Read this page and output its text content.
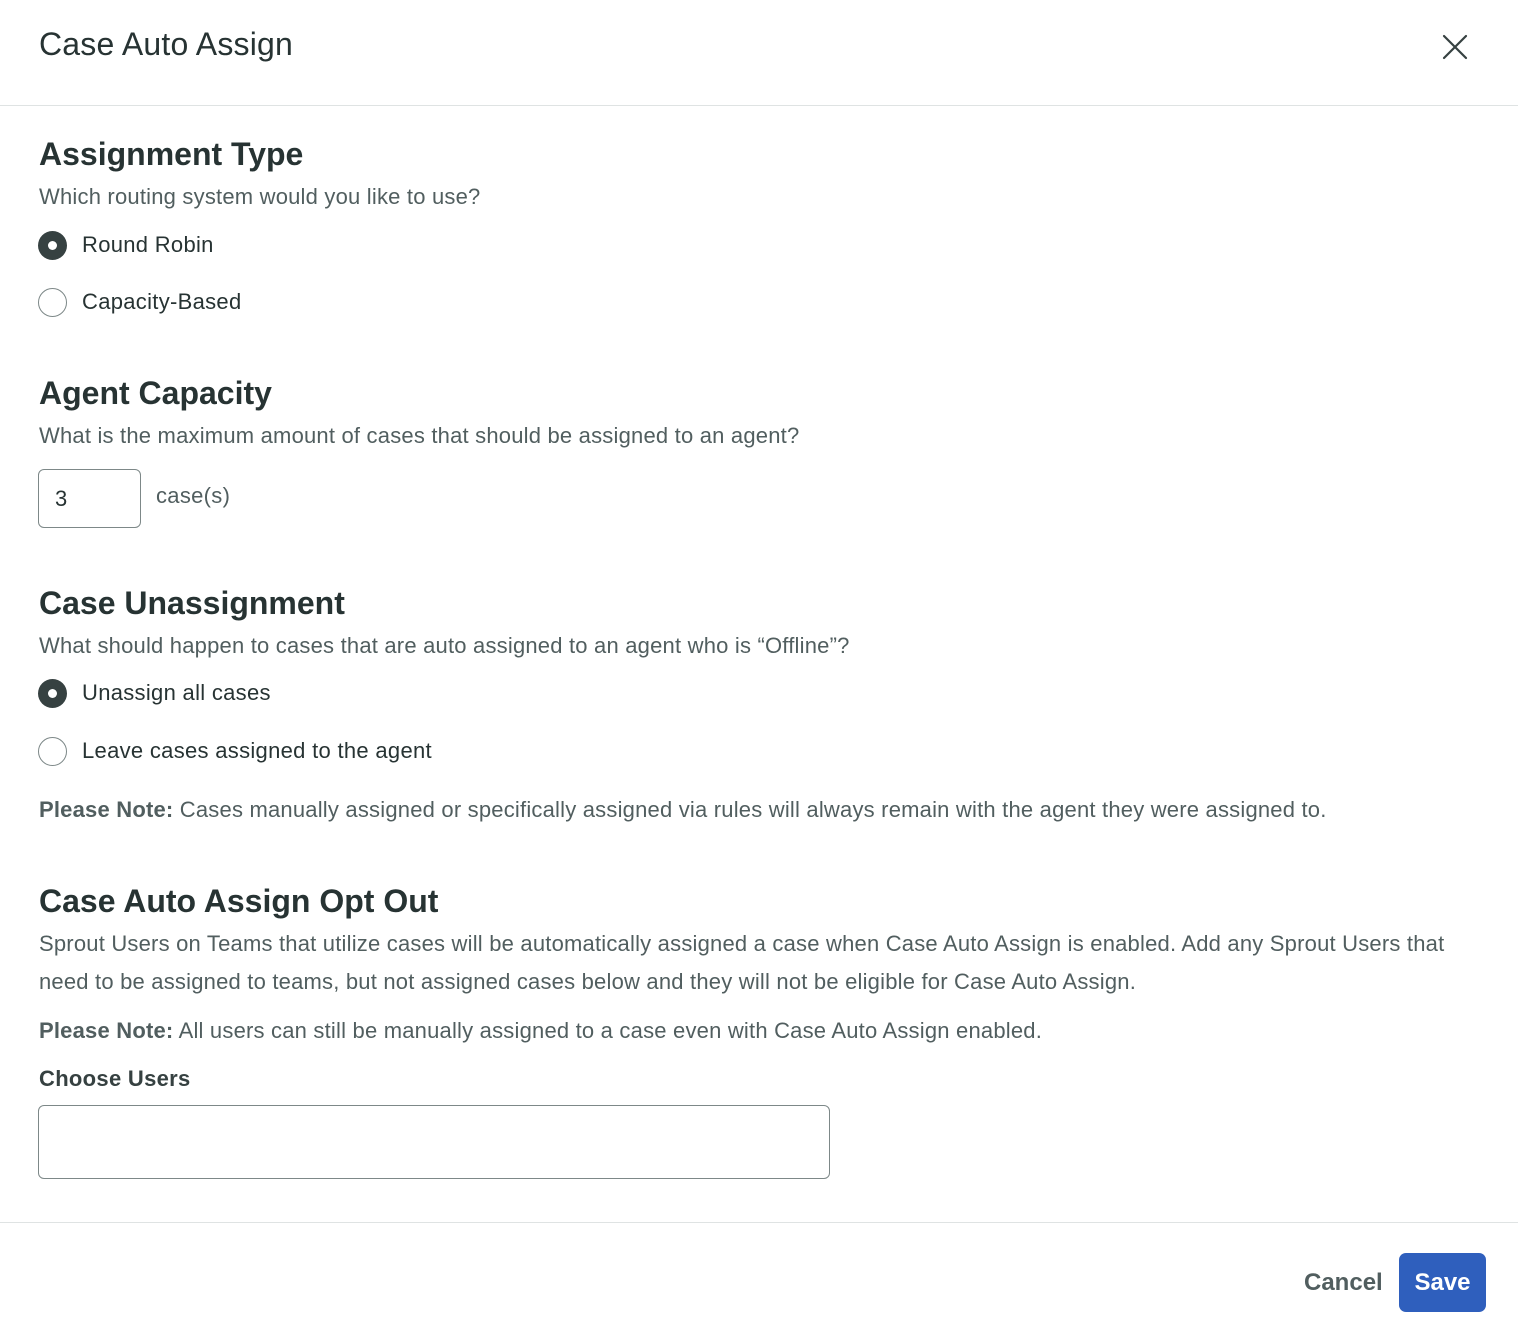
Case Auto Assign
Assignment Type
Which routing system would you like to use?
Round Robin
Capacity-Based
Agent Capacity
What is the maximum amount of cases that should be assigned to an agent?
3
case(s)
Case Unassignment
What should happen to cases that are auto assigned to an agent who is “Offline”?
Unassign all cases
Leave cases assigned to the agent
Please Note: Cases manually assigned or specifically assigned via rules will always remain with the agent they were assigned to.
Case Auto Assign Opt Out
Sprout Users on Teams that utilize cases will be automatically assigned a case when Case Auto Assign is enabled. Add any Sprout Users that need to be assigned to teams, but not assigned cases below and they will not be eligible for Case Auto Assign.
Please Note: All users can still be manually assigned to a case even with Case Auto Assign enabled.
Choose Users
Cancel	Save
